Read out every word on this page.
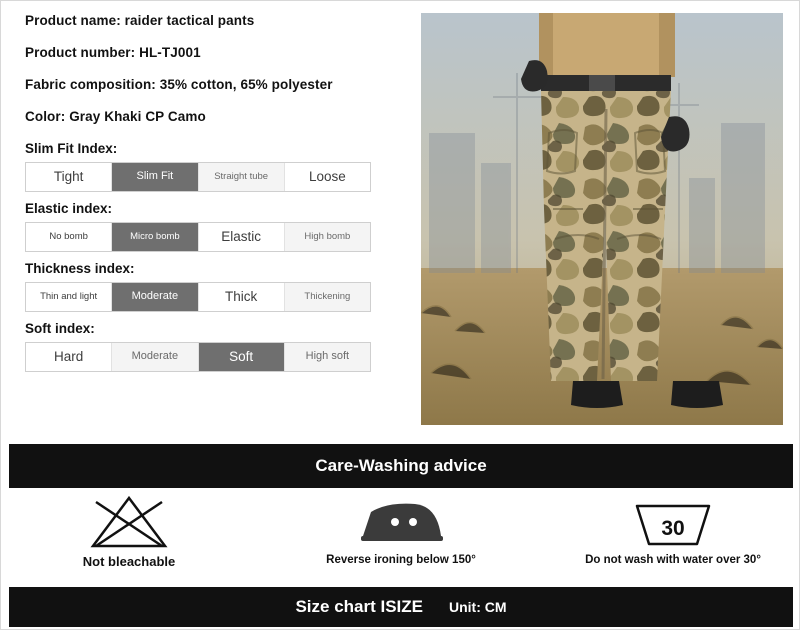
Product name: raider tactical pants
Product number: HL-TJ001
Fabric composition: 35% cotton, 65% polyester
Color: Gray Khaki CP Camo
Slim Fit Index:
Tight	Slim Fit	Straight tube	Loose
Elastic index:
No bomb	Micro bomb	Elastic	High bomb
Thickness index:
Thin and light	Moderate	Thick	Thickening
Soft index:
Hard	Moderate	Soft	High soft
Care-Washing advice
Not bleachable	Reverse ironing below 150°
30
Do not wash with water over 30°
Size chart ISIZE Unit: CM
